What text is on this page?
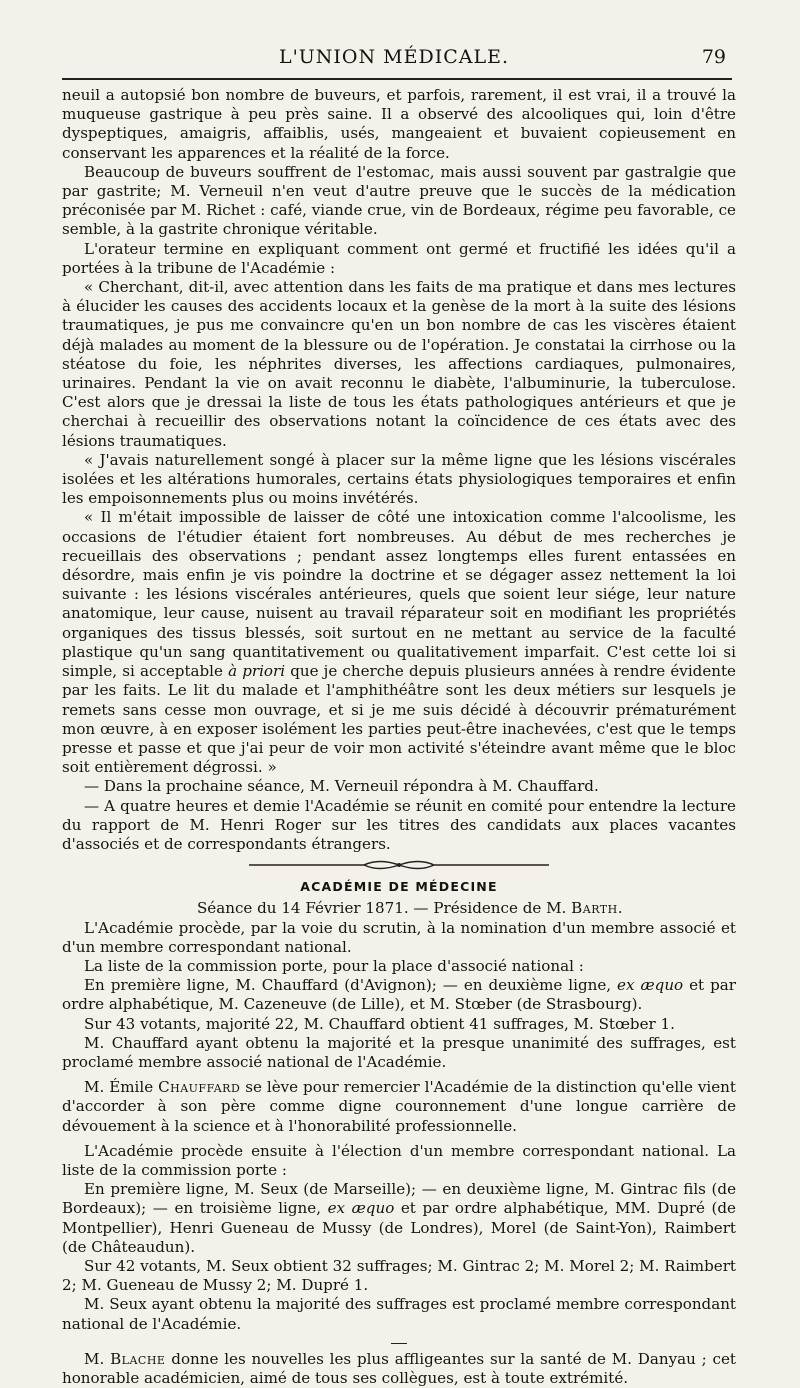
L'UNION MÉDICALE.	79

neuil a autopsié bon nombre de buveurs, et parfois, rarement, il est vrai, il a trouvé la muqueuse gastrique à peu près saine. Il a observé des alcooliques qui, loin d'être dyspeptiques, amaigris, affaiblis, usés, mangeaient et buvaient copieusement en conservant les apparences et la réalité de la force.

Beaucoup de buveurs souffrent de l'estomac, mais aussi souvent par gastralgie que par gastrite; M. Verneuil n'en veut d'autre preuve que le succès de la médication préconisée par M. Richet : café, viande crue, vin de Bordeaux, régime peu favorable, ce semble, à la gastrite chronique véritable.

L'orateur termine en expliquant comment ont germé et fructifié les idées qu'il a portées à la tribune de l'Académie :

« Cherchant, dit-il, avec attention dans les faits de ma pratique et dans mes lectures à élucider les causes des accidents locaux et la genèse de la mort à la suite des lésions traumatiques, je pus me convaincre qu'en un bon nombre de cas les viscères étaient déjà malades au moment de la blessure ou de l'opération. Je constatai la cirrhose ou la stéatose du foie, les néphrites diverses, les affections cardiaques, pulmonaires, urinaires. Pendant la vie on avait reconnu le diabète, l'albuminurie, la tuberculose. C'est alors que je dressai la liste de tous les états pathologiques antérieurs et que je cherchai à recueillir des observations notant la coïncidence de ces états avec des lésions traumatiques.

« J'avais naturellement songé à placer sur la même ligne que les lésions viscérales isolées et les altérations humorales, certains états physiologiques temporaires et enfin les empoisonnements plus ou moins invétérés.

« Il m'était impossible de laisser de côté une intoxication comme l'alcoolisme, les occasions de l'étudier étaient fort nombreuses. Au début de mes recherches je recueillais des observations ; pendant assez longtemps elles furent entassées en désordre, mais enfin je vis poindre la doctrine et se dégager assez nettement la loi suivante : les lésions viscérales antérieures, quels que soient leur siége, leur nature anatomique, leur cause, nuisent au travail réparateur soit en modifiant les propriétés organiques des tissus blessés, soit surtout en ne mettant au service de la faculté plastique qu'un sang quantitativement ou qualitativement imparfait. C'est cette loi si simple, si acceptable à priori que je cherche depuis plusieurs années à rendre évidente par les faits. Le lit du malade et l'amphithéâtre sont les deux métiers sur lesquels je remets sans cesse mon ouvrage, et si je me suis décidé à découvrir prématurément mon œuvre, à en exposer isolément les parties peut-être inachevées, c'est que le temps presse et passe et que j'ai peur de voir mon activité s'éteindre avant même que le bloc soit entièrement dégrossi. »

— Dans la prochaine séance, M. Verneuil répondra à M. Chauffard.

— A quatre heures et demie l'Académie se réunit en comité pour entendre la lecture du rapport de M. Henri Roger sur les titres des candidats aux places vacantes d'associés et de correspondants étrangers.

ACADÉMIE DE MÉDECINE

Séance du 14 Février 1871. — Présidence de M. Barth.

L'Académie procède, par la voie du scrutin, à la nomination d'un membre associé et d'un membre correspondant national.

La liste de la commission porte, pour la place d'associé national :

En première ligne, M. Chauffard (d'Avignon); — en deuxième ligne, ex æquo et par ordre alphabétique, M. Cazeneuve (de Lille), et M. Stœber (de Strasbourg).

Sur 43 votants, majorité 22, M. Chauffard obtient 41 suffrages, M. Stœber 1.

M. Chauffard ayant obtenu la majorité et la presque unanimité des suffrages, est proclamé membre associé national de l'Académie.

M. Émile Chauffard se lève pour remercier l'Académie de la distinction qu'elle vient d'accorder à son père comme digne couronnement d'une longue carrière de dévouement à la science et à l'honorabilité professionnelle.

L'Académie procède ensuite à l'élection d'un membre correspondant national. La liste de la commission porte :

En première ligne, M. Seux (de Marseille); — en deuxième ligne, M. Gintrac fils (de Bordeaux); — en troisième ligne, ex æquo et par ordre alphabétique, MM. Dupré (de Montpellier), Henri Gueneau de Mussy (de Londres), Morel (de Saint-Yon), Raimbert (de Châteaudun).

Sur 42 votants, M. Seux obtient 32 suffrages; M. Gintrac 2; M. Morel 2; M. Raimbert 2; M. Gueneau de Mussy 2; M. Dupré 1.

M. Seux ayant obtenu la majorité des suffrages est proclamé membre correspondant national de l'Académie.

M. Blache donne les nouvelles les plus affligeantes sur la santé de M. Danyau ; cet honorable académicien, aimé de tous ses collègues, est à toute extrémité.
